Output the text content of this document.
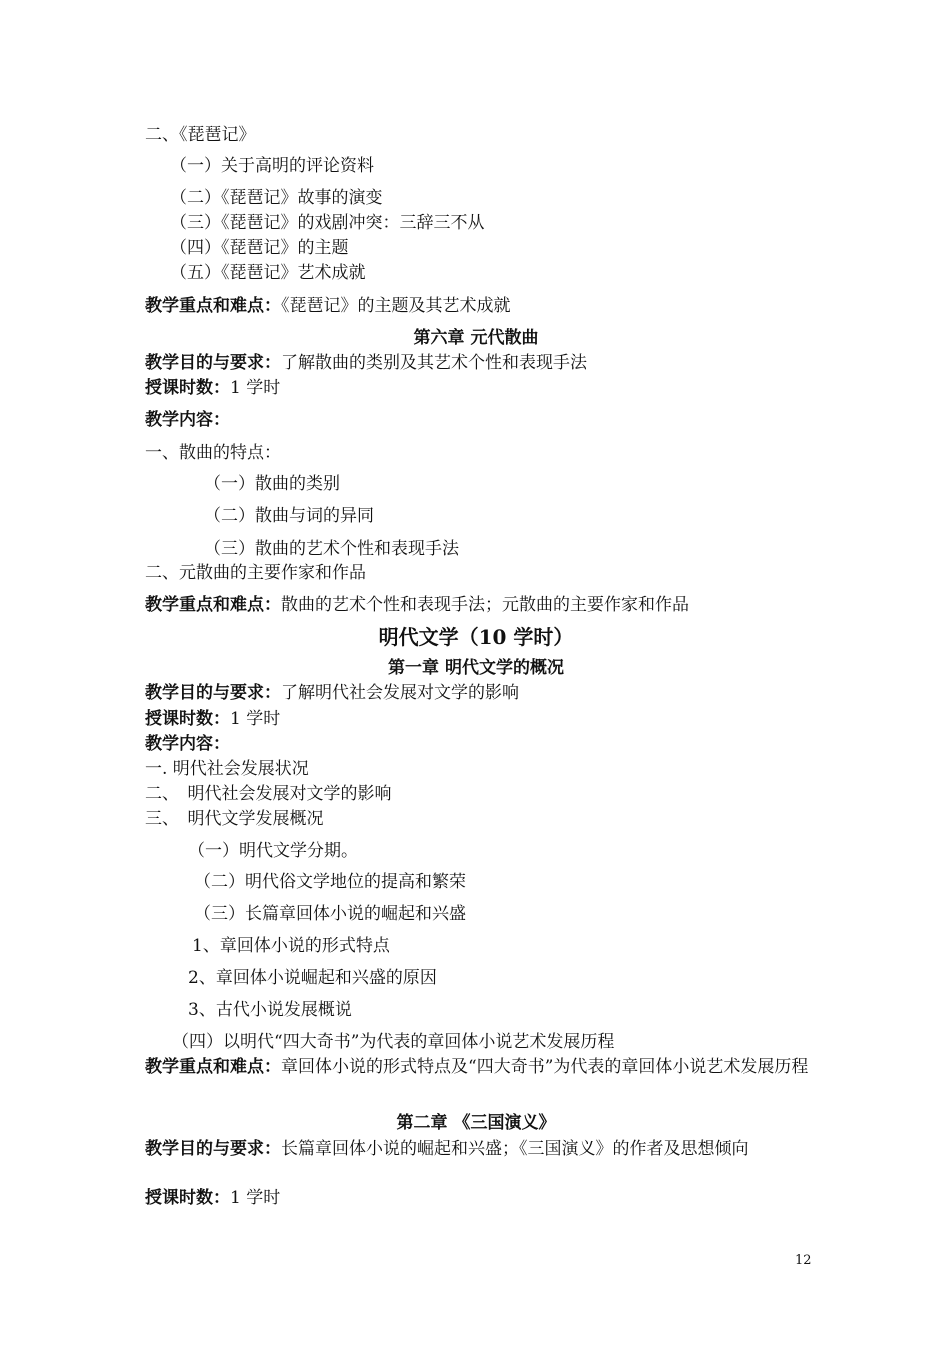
二、《琵琶记》
（一）关于高明的评论资料
（二）《琵琶记》故事的演变
（三）《琵琶记》的戏剧冲突：三辞三不从
（四）《琵琶记》的主题
（五）《琵琶记》艺术成就
教学重点和难点：《琵琶记》的主题及其艺术成就
第六章 元代散曲
教学目的与要求：了解散曲的类别及其艺术个性和表现手法
授课时数：1 学时
教学内容：
一、散曲的特点：
（一）散曲的类别
（二）散曲与词的异同
（三）散曲的艺术个性和表现手法
二、元散曲的主要作家和作品
教学重点和难点：散曲的艺术个性和表现手法；元散曲的主要作家和作品
明代文学（10 学时）
第一章 明代文学的概况
教学目的与要求：了解明代社会发展对文学的影响
授课时数：1 学时
教学内容：
一. 明代社会发展状况
二、　明代社会发展对文学的影响
三、　明代文学发展概况
（一）明代文学分期。
（二）明代俗文学地位的提高和繁荣
（三）长篇章回体小说的崛起和兴盛
1、章回体小说的形式特点
2、章回体小说崛起和兴盛的原因
3、古代小说发展概说
（四）以明代“四大奇书”为代表的章回体小说艺术发展历程
教学重点和难点：章回体小说的形式特点及“四大奇书”为代表的章回体小说艺术发展历程
第二章 《三国演义》
教学目的与要求：长篇章回体小说的崛起和兴盛；《三国演义》的作者及思想倾向
授课时数：1 学时
12
